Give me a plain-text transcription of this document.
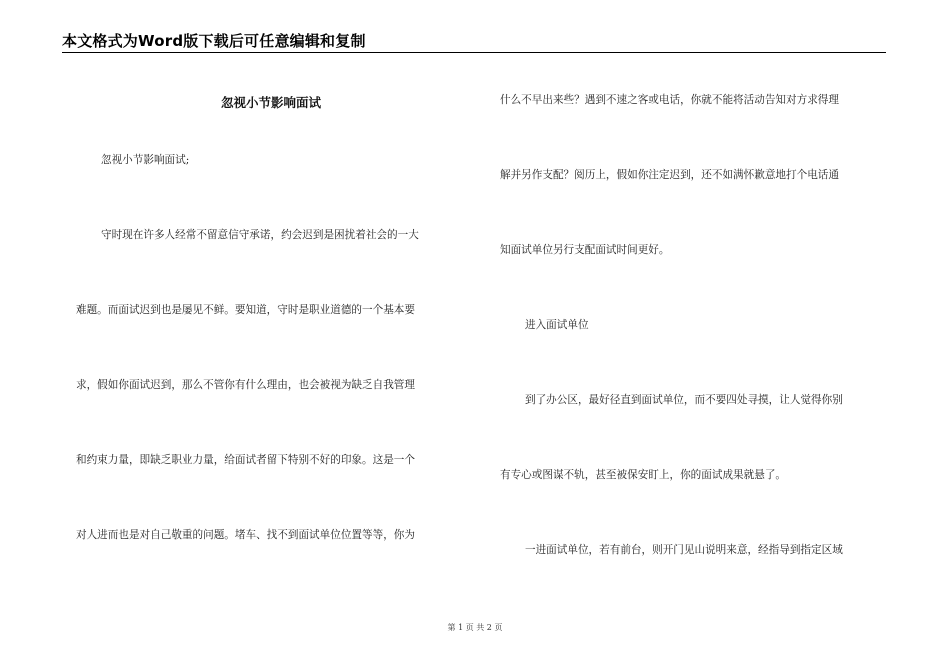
本文格式为Word版下载后可任意编辑和复制
忽视小节影响面试
忽视小节影响面试;
守时现在许多人经常不留意信守承诺，约会迟到是困扰着社会的一大
难题。而面试迟到也是屡见不鲜。要知道，守时是职业道德的一个基本要
求，假如你面试迟到，那么不管你有什么理由，也会被视为缺乏自我管理
和约束力量，即缺乏职业力量，给面试者留下特别不好的印象。这是一个
对人进而也是对自己敬重的问题。堵车、找不到面试单位位置等等，你为
什么不早出来些？遇到不速之客或电话，你就不能将活动告知对方求得理
解并另作支配？阅历上，假如你注定迟到，还不如满怀歉意地打个电话通
知面试单位另行支配面试时间更好。
进入面试单位
到了办公区，最好径直到面试单位，而不要四处寻摸，让人觉得你别
有专心或图谋不轨，甚至被保安盯上，你的面试成果就悬了。
一进面试单位，若有前台，则开门见山说明来意，经指导到指定区域
第 1 页 共 2 页
